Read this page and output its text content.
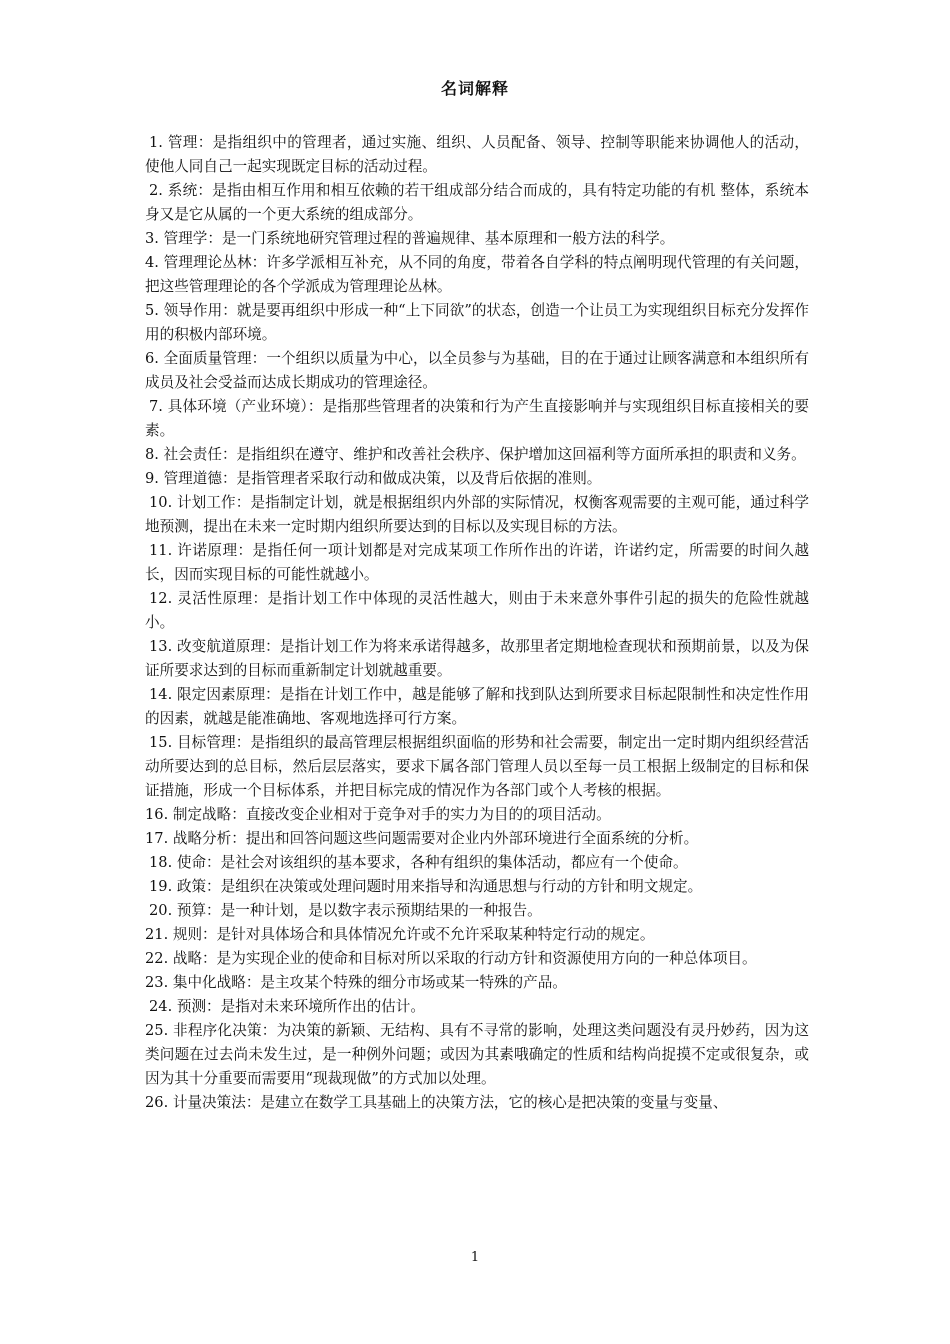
名词解释

1. 管理：是指组织中的管理者，通过实施、组织、人员配备、领导、控制等职能来协调他人的活动，使他人同自己一起实现既定目标的活动过程。

2. 系统：是指由相互作用和相互依赖的若干组成部分结合而成的，具有特定功能的有机 整体，系统本身又是它从属的一个更大系统的组成部分。

3. 管理学：是一门系统地研究管理过程的普遍规律、基本原理和一般方法的科学。

4. 管理理论丛林：许多学派相互补充，从不同的角度，带着各自学科的特点阐明现代管理的有关问题，把这些管理理论的各个学派成为管理理论丛林。

5. 领导作用：就是要再组织中形成一种“上下同欲”的状态，创造一个让员工为实现组织目标充分发挥作用的积极内部环境。

6. 全面质量管理：一个组织以质量为中心，以全员参与为基础，目的在于通过让顾客满意和本组织所有成员及社会受益而达成长期成功的管理途径。

7. 具体环境（产业环境）：是指那些管理者的决策和行为产生直接影响并与实现组织目标直接相关的要素。

8. 社会责任：是指组织在遵守、维护和改善社会秩序、保护增加这回福利等方面所承担的职责和义务。

9. 管理道德：是指管理者采取行动和做成决策，以及背后依据的准则。

10. 计划工作：是指制定计划，就是根据组织内外部的实际情况，权衡客观需要的主观可能，通过科学地预测，提出在未来一定时期内组织所要达到的目标以及实现目标的方法。

11. 许诺原理：是指任何一项计划都是对完成某项工作所作出的许诺，许诺约定，所需要的时间久越长，因而实现目标的可能性就越小。

12. 灵活性原理：是指计划工作中体现的灵活性越大，则由于未来意外事件引起的损失的危险性就越小。

13. 改变航道原理：是指计划工作为将来承诺得越多，故那里者定期地检查现状和预期前景，以及为保证所要求达到的目标而重新制定计划就越重要。

14. 限定因素原理：是指在计划工作中，越是能够了解和找到队达到所要求目标起限制性和决定性作用的因素，就越是能准确地、客观地选择可行方案。

15. 目标管理：是指组织的最高管理层根据组织面临的形势和社会需要，制定出一定时期内组织经营活动所要达到的总目标，然后层层落实，要求下属各部门管理人员以至每一员工根据上级制定的目标和保证措施，形成一个目标体系，并把目标完成的情况作为各部门或个人考核的根据。

16. 制定战略：直接改变企业相对于竞争对手的实力为目的的项目活动。

17. 战略分析：提出和回答问题这些问题需要对企业内外部环境进行全面系统的分析。

18. 使命：是社会对该组织的基本要求，各种有组织的集体活动，都应有一个使命。

19. 政策：是组织在决策或处理问题时用来指导和沟通思想与行动的方针和明文规定。

20. 预算：是一种计划，是以数字表示预期结果的一种报告。

21. 规则：是针对具体场合和具体情况允许或不允许采取某种特定行动的规定。

22. 战略：是为实现企业的使命和目标对所以采取的行动方针和资源使用方向的一种总体项目。

23. 集中化战略：是主攻某个特殊的细分市场或某一特殊的产品。

24. 预测：是指对未来环境所作出的估计。

25. 非程序化决策：为决策的新颖、无结构、具有不寻常的影响，处理这类问题没有灵丹妙药，因为这类问题在过去尚未发生过，是一种例外问题；或因为其素哦确定的性质和结构尚捉摸不定或很复杂，或因为其十分重要而需要用“现裁现做”的方式加以处理。

26. 计量决策法：是建立在数学工具基础上的决策方法，它的核心是把决策的变量与变量、

1
